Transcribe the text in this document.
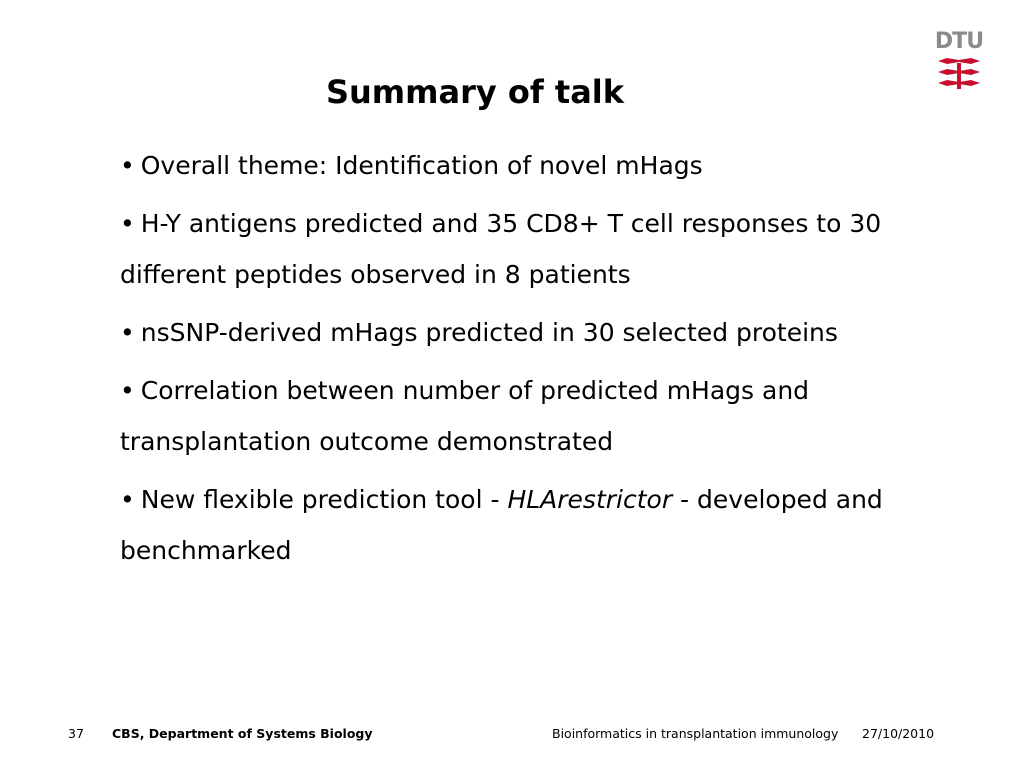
DTU
Summary of talk
• Overall theme: Identification of novel mHags
• H-Y antigens predicted and 35 CD8+ T cell responses to 30 different peptides observed in 8 patients
• nsSNP-derived mHags predicted in 30 selected proteins
• Correlation between number of predicted mHags and transplantation outcome demonstrated
• New flexible prediction tool - HLArestrictor - developed and benchmarked
37 CBS, Department of Systems Biology	Bioinformatics in transplantation immunology 27/10/2010
